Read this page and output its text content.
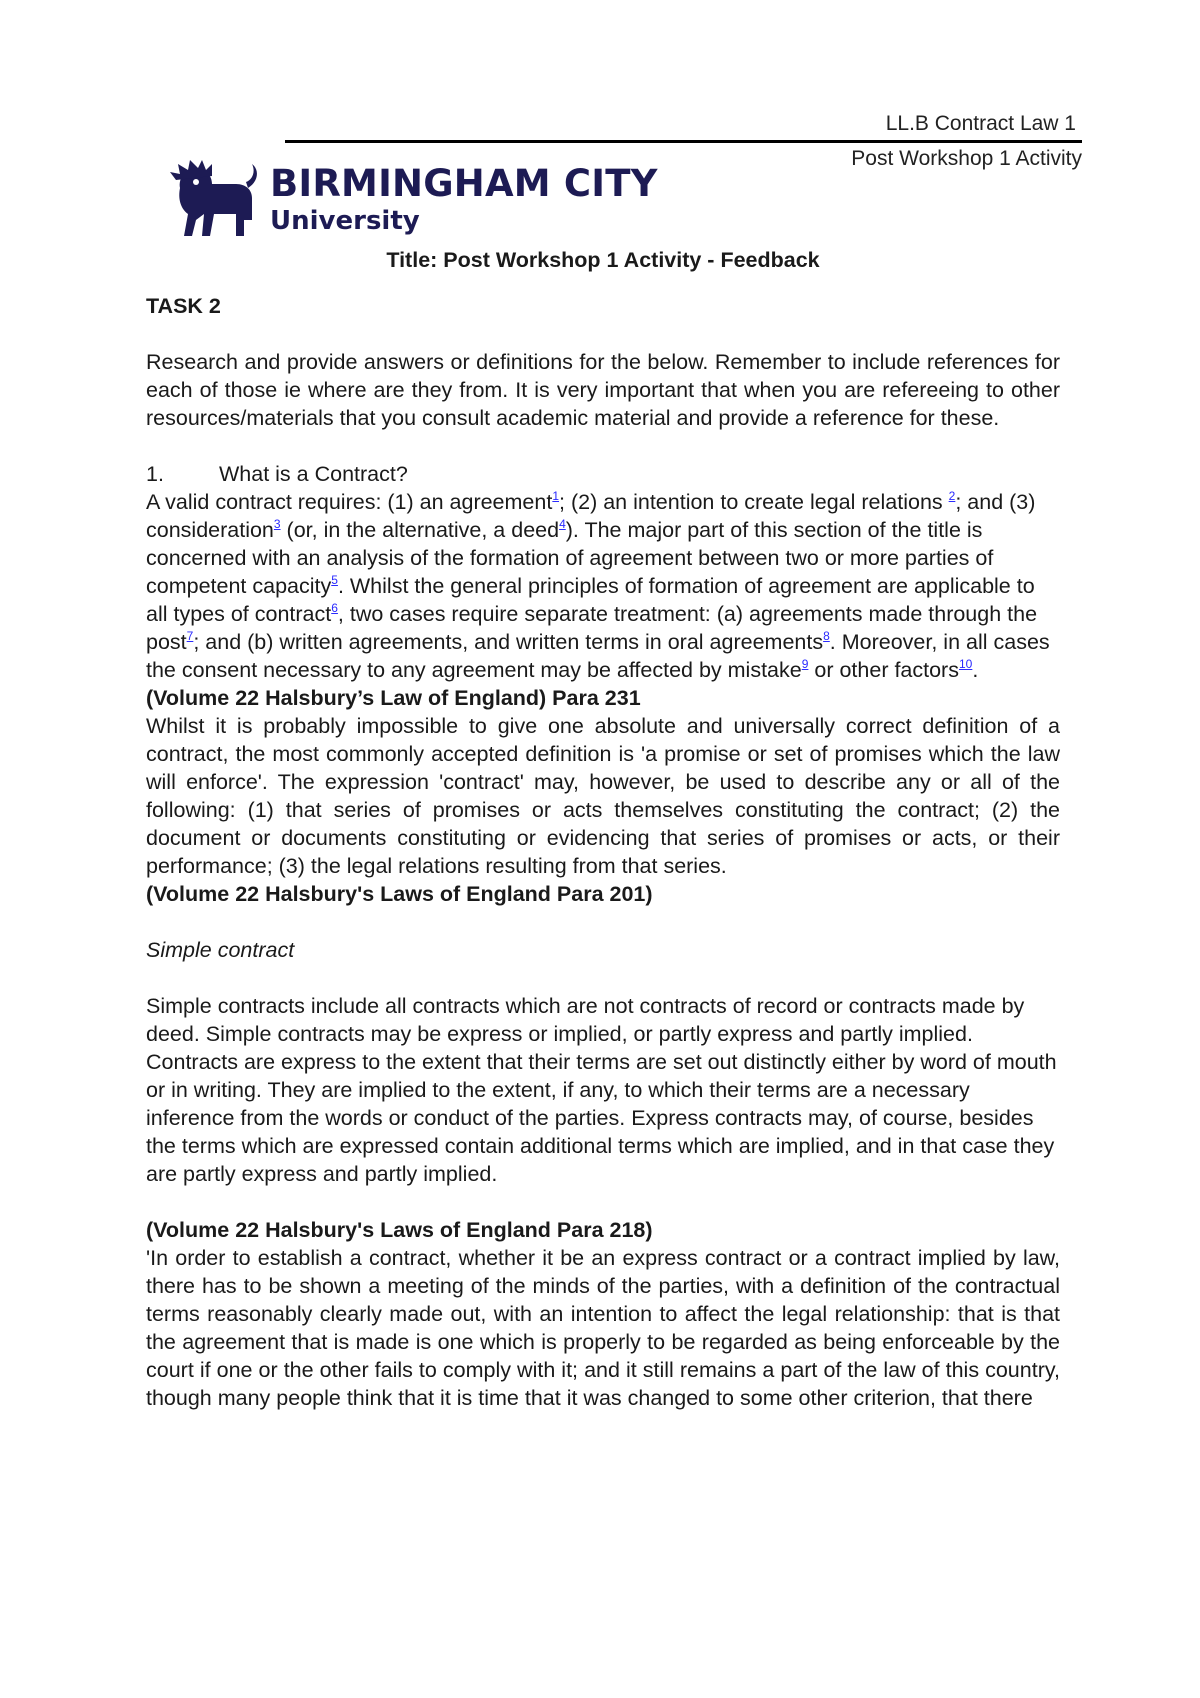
LL.B Contract Law 1
Post Workshop 1 Activity
BIRMINGHAM CITY
University
Title: Post Workshop 1 Activity - Feedback
TASK 2

Research and provide answers or definitions for the below. Remember to include references for each of those ie where are they from. It is very important that when you are refereeing to other resources/materials that you consult academic material and provide a reference for these.

1.	What is a Contract?

A valid contract requires: (1) an agreement$^1$; (2) an intention to create legal relations $^2$; and (3) consideration$^3$ (or, in the alternative, a deed$^4$). The major part of this section of the title is concerned with an analysis of the formation of agreement between two or more parties of competent capacity$^5$. Whilst the general principles of formation of agreement are applicable to all types of contract$^6$, two cases require separate treatment: (a) agreements made through the post$^7$; and (b) written agreements, and written terms in oral agreements$^8$. Moreover, in all cases the consent necessary to any agreement may be affected by mistake$^9$ or other factors$^{10}$.

(Volume 22 Halsbury’s Law of England) Para 231

Whilst it is probably impossible to give one absolute and universally correct definition of a contract, the most commonly accepted definition is 'a promise or set of promises which the law will enforce'. The expression 'contract' may, however, be used to describe any or all of the following: (1) that series of promises or acts themselves constituting the contract; (2) the document or documents constituting or evidencing that series of promises or acts, or their performance; (3) the legal relations resulting from that series.

(Volume 22 Halsbury's Laws of England Para 201)
Simple contract

Simple contracts include all contracts which are not contracts of record or contracts made by deed. Simple contracts may be express or implied, or partly express and partly implied. Contracts are express to the extent that their terms are set out distinctly either by word of mouth or in writing. They are implied to the extent, if any, to which their terms are a necessary inference from the words or conduct of the parties. Express contracts may, of course, besides the terms which are expressed contain additional terms which are implied, and in that case they are partly express and partly implied.

(Volume 22 Halsbury's Laws of England Para 218)

'In order to establish a contract, whether it be an express contract or a contract implied by law, there has to be shown a meeting of the minds of the parties, with a definition of the contractual terms reasonably clearly made out, with an intention to affect the legal relationship: that is that the agreement that is made is one which is properly to be regarded as being enforceable by the court if one or the other fails to comply with it; and it still remains a part of the law of this country, though many people think that it is time that it was changed to some other criterion, that there
